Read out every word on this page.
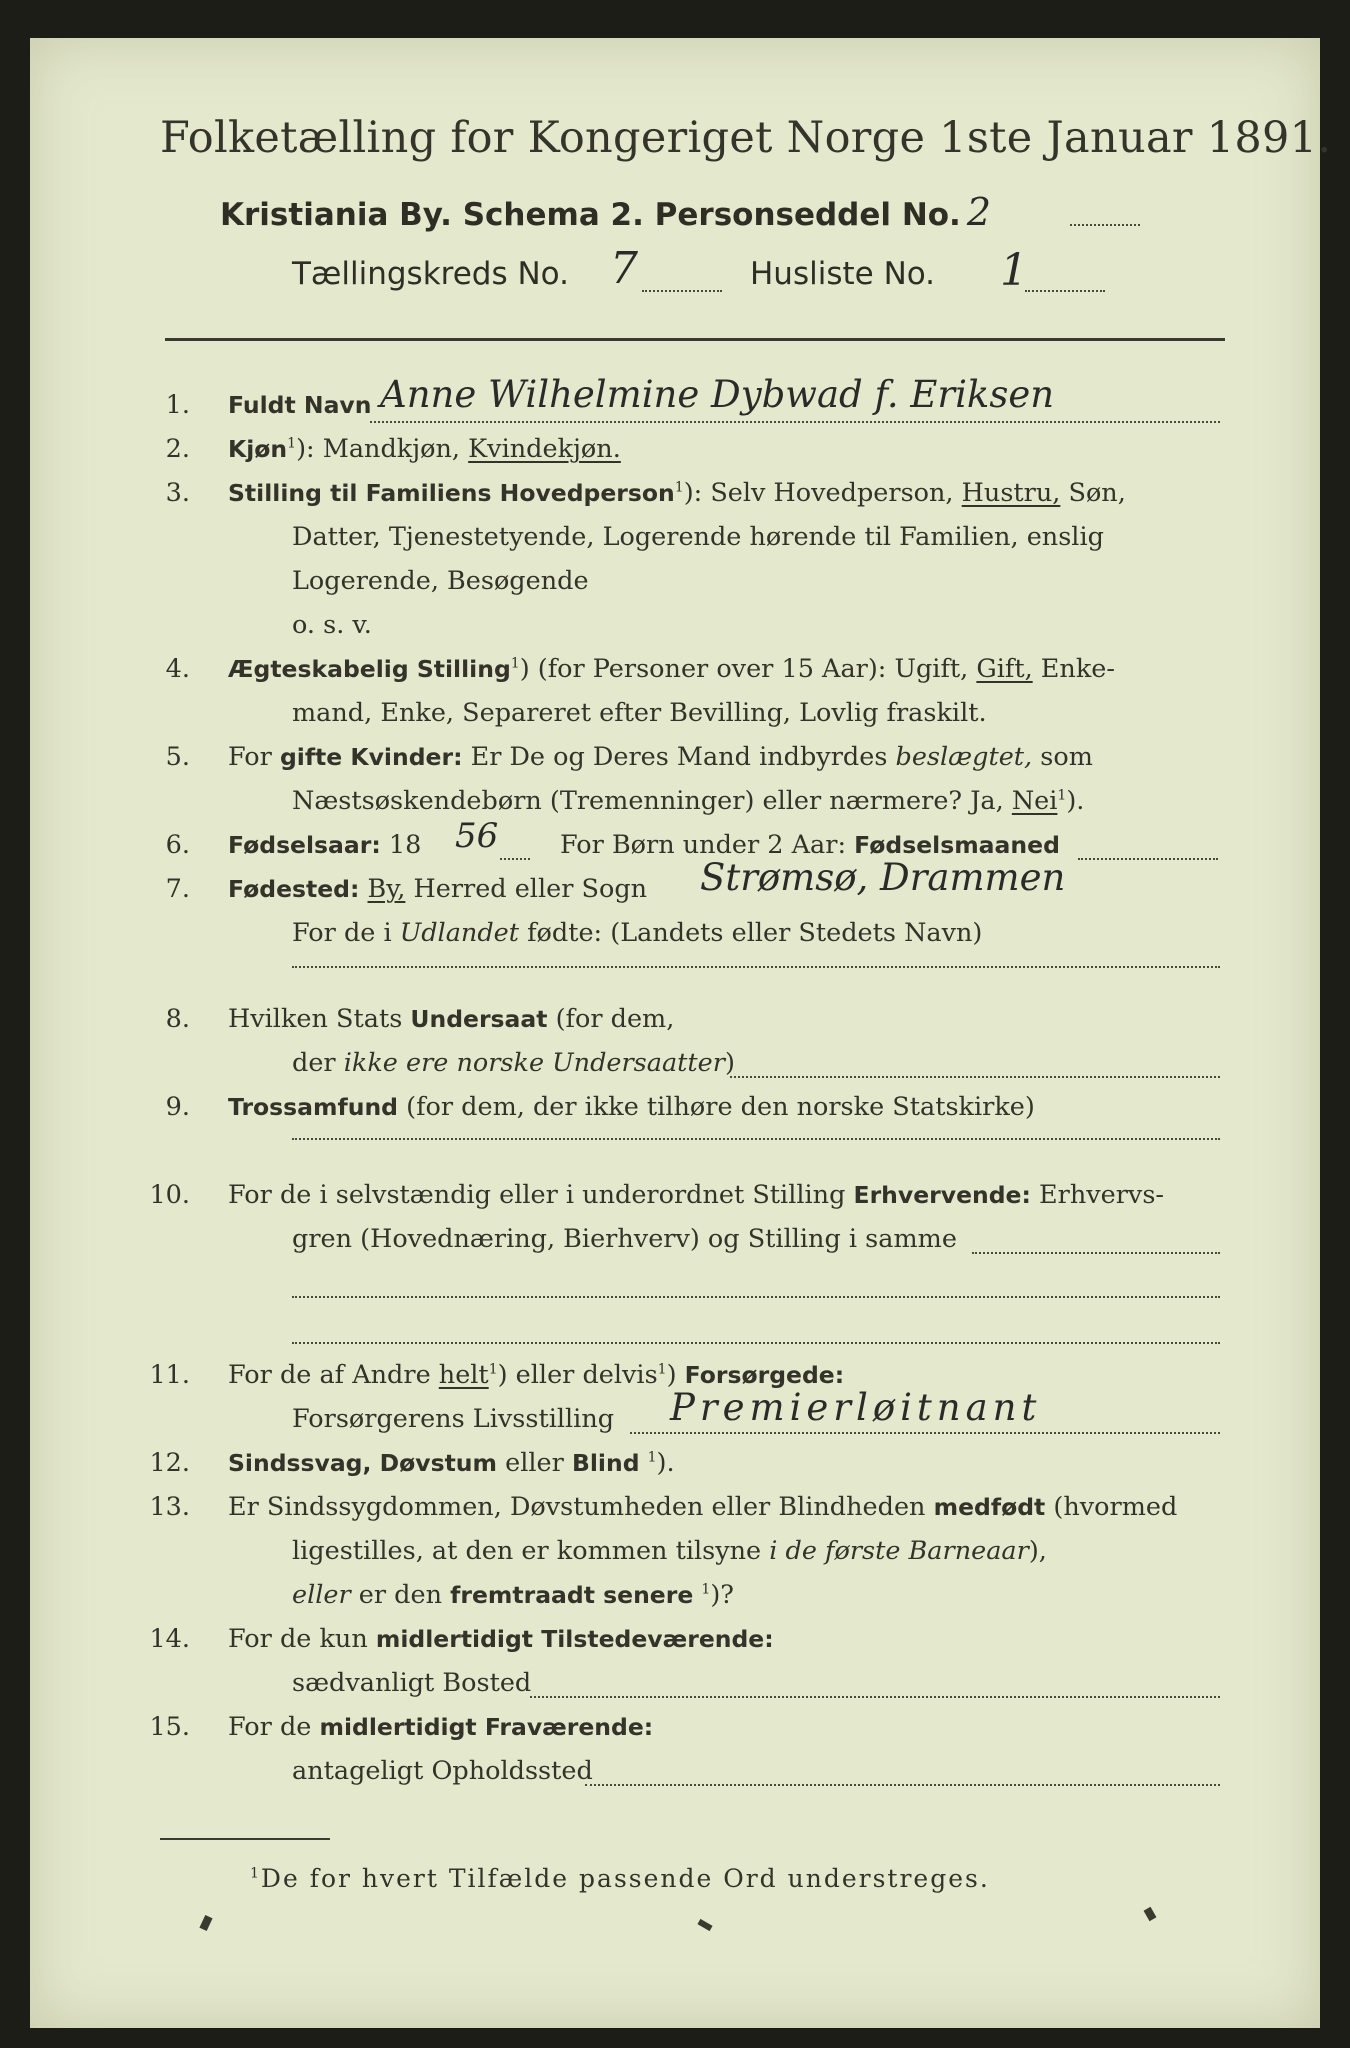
Folketælling for Kongeriget Norge 1ste Januar 1891.
Kristiania By. Schema 2. Personseddel No. 2
Tællingskreds No. 7	Husliste No. 1
1. Fuldt Navn Anne Wilhelmine Dybwad f. Eriksen
2. Kjøn$^1$): Mandkjøn, Kvindekjøn.
3. Stilling til Familiens Hovedperson$^1$): Selv Hovedperson, Hustru, Søn,
Datter, Tjenestetyende, Logerende hørende til Familien, enslig
Logerende, Besøgende
o. s. v.
4. Ægteskabelig Stilling$^1$) (for Personer over 15 Aar): Ugift, Gift, Enke-
mand, Enke, Separeret efter Bevilling, Lovlig fraskilt.
5. For gifte Kvinder: Er De og Deres Mand indbyrdes beslægtet, som
Næstsøskendebørn (Tremenninger) eller nærmere? Ja, Nei$^1$).
6. Fødselsaar: 18 56 For Børn under 2 Aar: Fødselsmaaned
7. Fødested: By, Herred eller Sogn Strømsø, Drammen
For de i Udlandet fødte: (Landets eller Stedets Navn)
8. Hvilken Stats Undersaat (for dem,
der ikke ere norske Undersaatter)
9. Trossamfund (for dem, der ikke tilhøre den norske Statskirke)
10. For de i selvstændig eller i underordnet Stilling Erhvervende: Erhvervs-
gren (Hovednæring, Bierhverv) og Stilling i samme
11. For de af Andre helt$^1$) eller delvis$^1$) Forsørgede:
Forsørgerens Livsstilling Premierløitnant
12. Sindssvag, Døvstum eller Blind $^1$).
13. Er Sindssygdommen, Døvstumheden eller Blindheden medfødt (hvormed
ligestilles, at den er kommen tilsyne i de første Barneaar),
eller er den fremtraadt senere $^1$)?
14. For de kun midlertidigt Tilstedeværende:
sædvanligt Bosted
15. For de midlertidigt Fraværende:
antageligt Opholdssted
$^1$De for hvert Tilfælde passende Ord understreges.
